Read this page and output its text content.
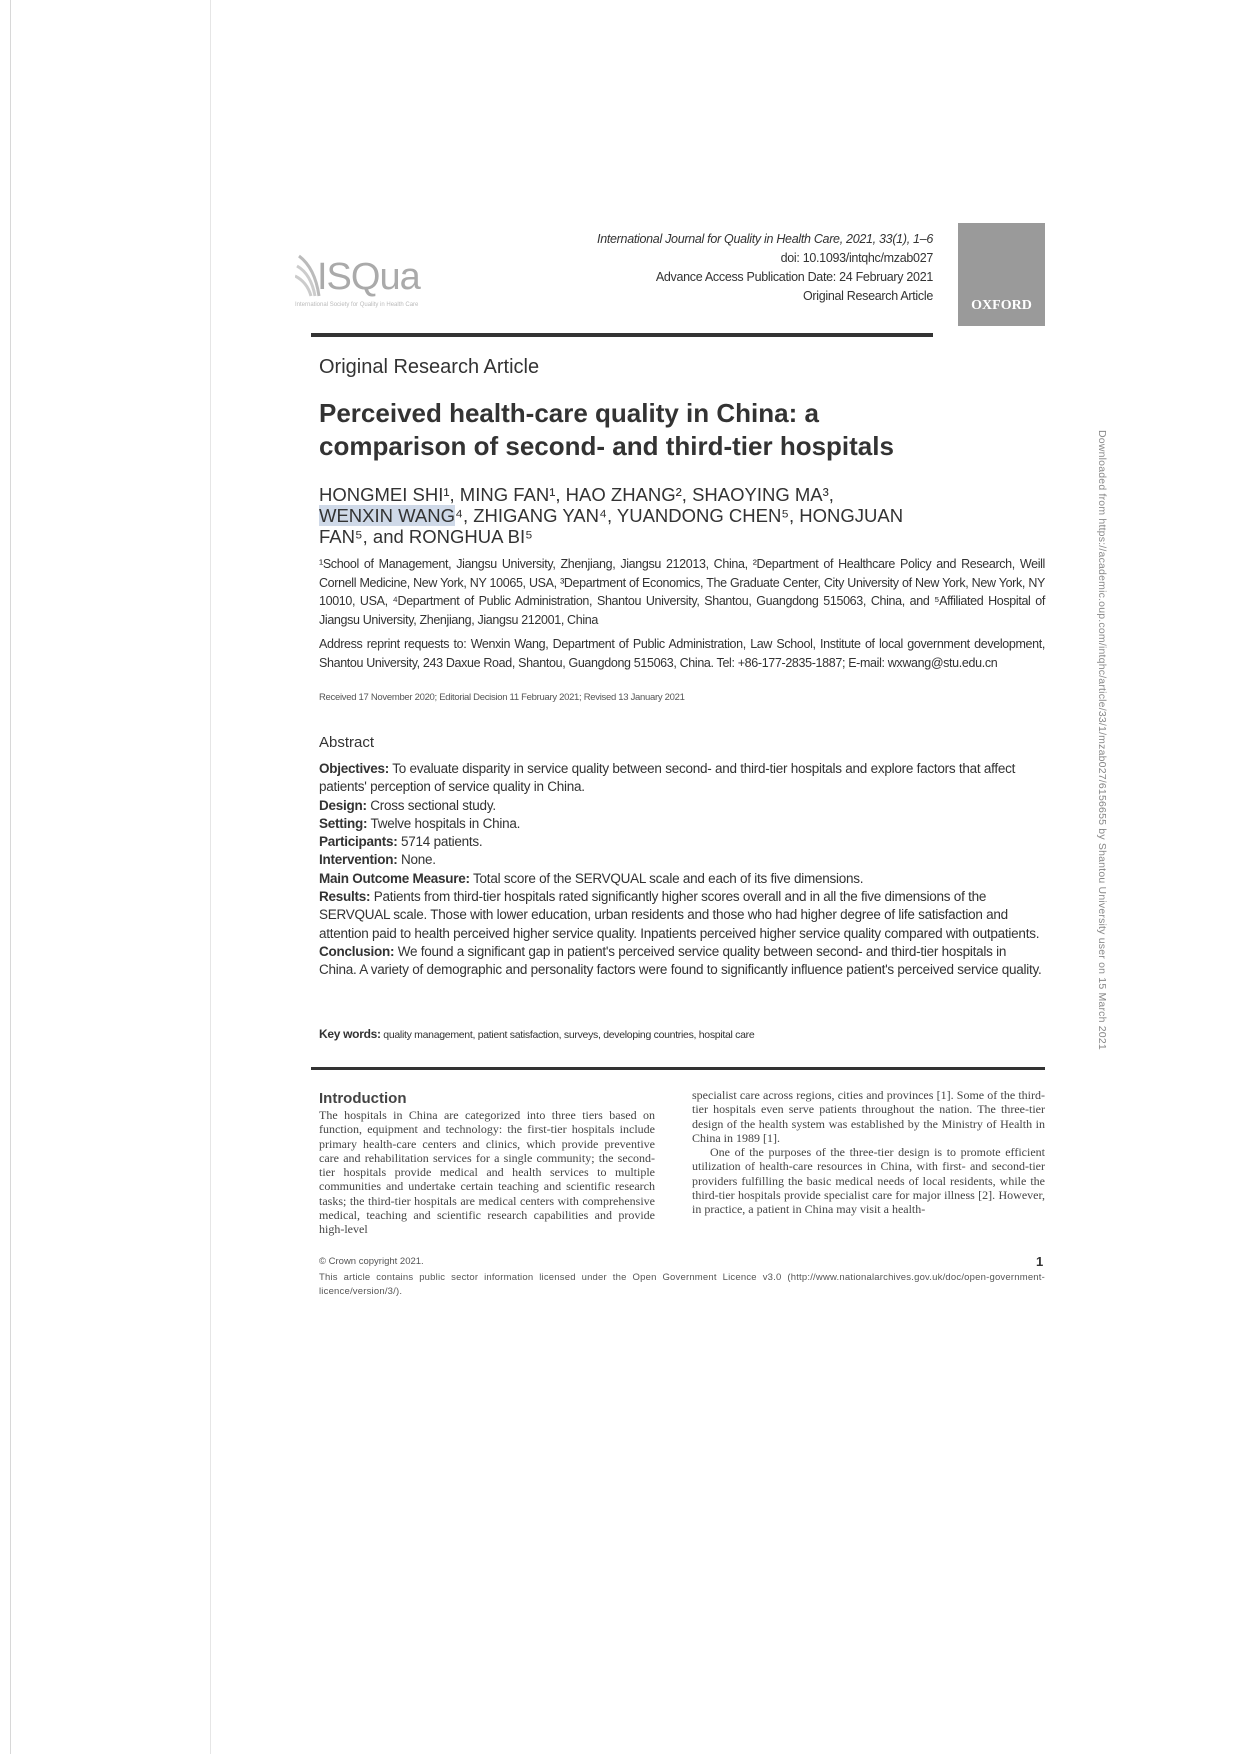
ISQua
International Society for Quality in Health Care
International Journal for Quality in Health Care, 2021, 33(1), 1–6
doi: 10.1093/intqhc/mzab027
Advance Access Publication Date: 24 February 2021
Original Research Article
OXFORD
Original Research Article
Perceived health-care quality in China: a
comparison of second- and third-tier hospitals
HONGMEI SHI¹, MING FAN¹, HAO ZHANG², SHAOYING MA³,
WENXIN WANG⁴, ZHIGANG YAN⁴, YUANDONG CHEN⁵, HONGJUAN
FAN⁵, and RONGHUA BI⁵
¹School of Management, Jiangsu University, Zhenjiang, Jiangsu 212013, China, ²Department of Healthcare Policy and Research, Weill Cornell Medicine, New York, NY 10065, USA, ³Department of Economics, The Graduate Center, City University of New York, New York, NY 10010, USA, ⁴Department of Public Administration, Shantou University, Shantou, Guangdong 515063, China, and ⁵Affiliated Hospital of Jiangsu University, Zhenjiang, Jiangsu 212001, China
Address reprint requests to: Wenxin Wang, Department of Public Administration, Law School, Institute of local government development, Shantou University, 243 Daxue Road, Shantou, Guangdong 515063, China. Tel: +86-177-2835-1887; E-mail: wxwang@stu.edu.cn
Received 17 November 2020; Editorial Decision 11 February 2021; Revised 13 January 2021
Abstract

Objectives: To evaluate disparity in service quality between second- and third-tier hospitals and explore factors that affect patients' perception of service quality in China.

Design: Cross sectional study.

Setting: Twelve hospitals in China.

Participants: 5714 patients.

Intervention: None.

Main Outcome Measure: Total score of the SERVQUAL scale and each of its five dimensions.

Results: Patients from third-tier hospitals rated significantly higher scores overall and in all the five dimensions of the SERVQUAL scale. Those with lower education, urban residents and those who had higher degree of life satisfaction and attention paid to health perceived higher service quality. Inpatients perceived higher service quality compared with outpatients.

Conclusion: We found a significant gap in patient's perceived service quality between second- and third-tier hospitals in China. A variety of demographic and personality factors were found to significantly influence patient's perceived service quality.

Key words: quality management, patient satisfaction, surveys, developing countries, hospital care
Introduction

The hospitals in China are categorized into three tiers based on function, equipment and technology: the first-tier hospitals include primary health-care centers and clinics, which provide preventive care and rehabilitation services for a single community; the second-tier hospitals provide medical and health services to multiple communities and undertake certain teaching and scientific research tasks; the third-tier hospitals are medical centers with comprehensive medical, teaching and scientific research capabilities and provide high-level

specialist care across regions, cities and provinces [1]. Some of the third-tier hospitals even serve patients throughout the nation. The three-tier design of the health system was established by the Ministry of Health in China in 1989 [1].

One of the purposes of the three-tier design is to promote efficient utilization of health-care resources in China, with first- and second-tier providers fulfilling the basic medical needs of local residents, while the third-tier hospitals provide specialist care for major illness [2]. However, in practice, a patient in China may visit a health-

© Crown copyright 2021.	1
This article contains public sector information licensed under the Open Government Licence v3.0 (http://www.nationalarchives.gov.uk/doc/open-government-licence/version/3/).
Downloaded from https://academic.oup.com/intqhc/article/33/1/mzab027/6156655 by Shantou University user on 15 March 2021
